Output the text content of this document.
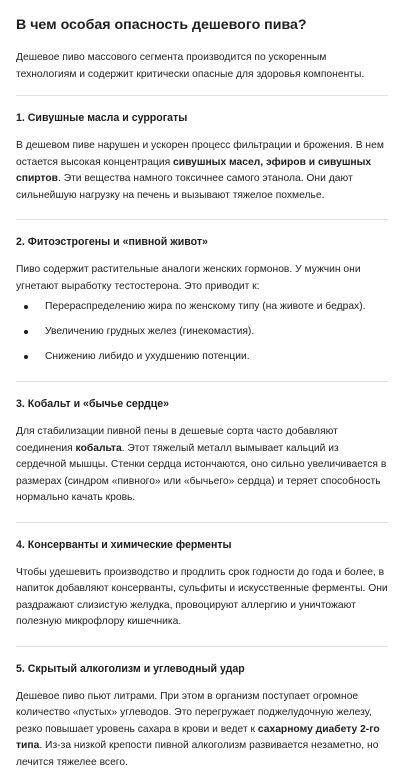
В чем особая опасность дешевого пива?

Дешевое пиво массового сегмента производится по ускоренным технологиям и содержит критически опасные для здоровья компоненты.

1. Сивушные масла и суррогаты

В дешевом пиве нарушен и ускорен процесс фильтрации и брожения. В нем остается высокая концентрация сивушных масел, эфиров и сивушных спиртов. Эти вещества намного токсичнее самого этанола. Они дают сильнейшую нагрузку на печень и вызывают тяжелое похмелье.

2. Фитоэстрогены и «пивной живот»

Пиво содержит растительные аналоги женских гормонов. У мужчин они угнетают выработку тестостерона. Это приводит к:

Перераспределению жира по женскому типу (на животе и бедрах).
Увеличению грудных желез (гинекомастия).
Снижению либидо и ухудшению потенции.
3. Кобальт и «бычье сердце»

Для стабилизации пивной пены в дешевые сорта часто добавляют соединения кобальта. Этот тяжелый металл вымывает кальций из сердечной мышцы. Стенки сердца истончаются, оно сильно увеличивается в размерах (синдром «пивного» или «бычьего» сердца) и теряет способность нормально качать кровь.

4. Консерванты и химические ферменты

Чтобы удешевить производство и продлить срок годности до года и более, в напиток добавляют консерванты, сульфиты и искусственные ферменты. Они раздражают слизистую желудка, провоцируют аллергию и уничтожают полезную микрофлору кишечника.

5. Скрытый алкоголизм и углеводный удар

Дешевое пиво пьют литрами. При этом в организм поступает огромное количество «пустых» углеводов. Это перегружает поджелудочную железу, резко повышает уровень сахара в крови и ведет к сахарному диабету 2-го типа. Из-за низкой крепости пивной алкоголизм развивается незаметно, но лечится тяжелее всего.
